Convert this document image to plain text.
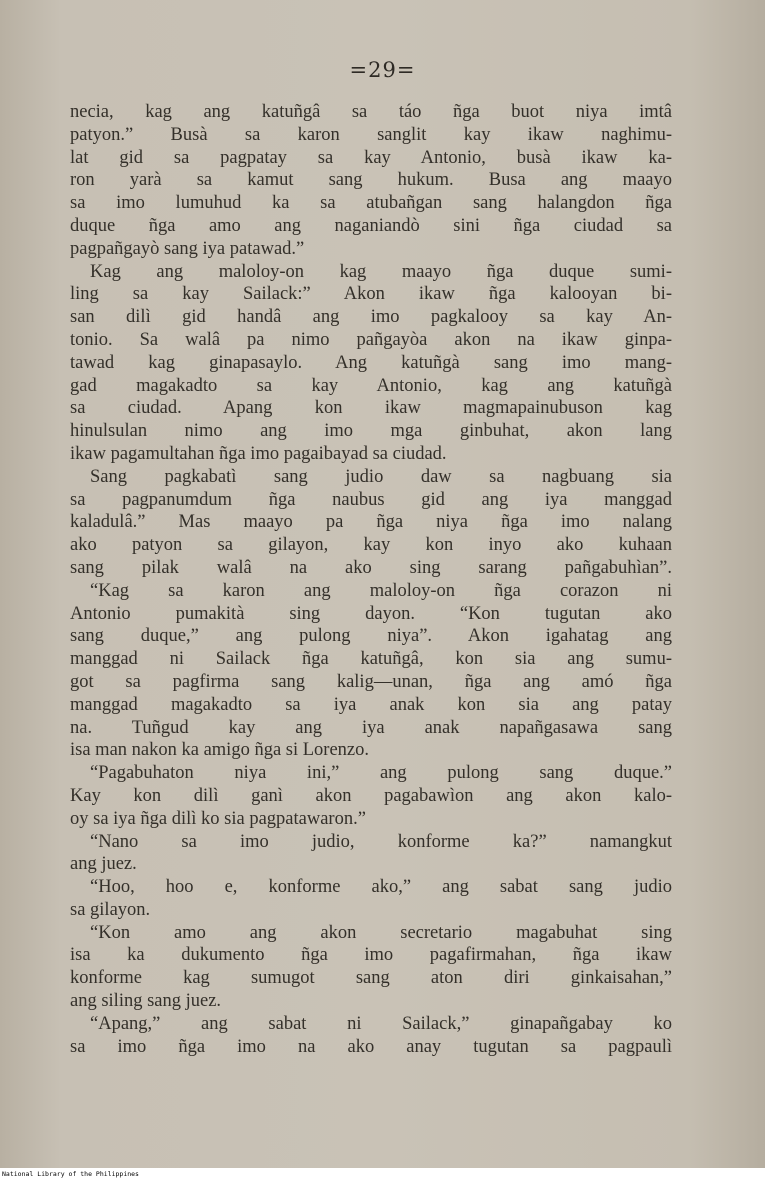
=29=
necia, kag ang katuñgâ sa táo ñga buot niya imtâ
patyon.” Busà sa karon sanglit kay ikaw naghimu-
lat gid sa pagpatay sa kay Antonio, busà ikaw ka-
ron yarà sa kamut sang hukum. Busa ang maayo
sa imo lumuhud ka sa atubañgan sang halangdon ñga
duque ñga amo ang naganiandò sini ñga ciudad sa
pagpañgayò sang iya patawad.”
Kag ang maloloy-on kag maayo ñga duque sumi-
ling sa kay Sailack:” Akon ikaw ñga kalooyan bi-
san dilì gid handâ ang imo pagkalooy sa kay An-
tonio. Sa walâ pa nimo pañgayòa akon na ikaw ginpa-
tawad kag ginapasaylo. Ang katuñgà sang imo mang-
gad magakadto sa kay Antonio, kag ang katuñgà
sa ciudad. Apang kon ikaw magmapainubuson kag
hinulsulan nimo ang imo mga ginbuhat, akon lang
ikaw pagamultahan ñga imo pagaibayad sa ciudad.
Sang pagkabatì sang judio daw sa nagbuang sia
sa pagpanumdum ñga naubus gid ang iya manggad
kaladulâ.” Mas maayo pa ñga niya ñga imo nalang
ako patyon sa gilayon, kay kon inyo ako kuhaan
sang pilak walâ na ako sing sarang pañgabuhìan”.
“Kag sa karon ang maloloy-on ñga corazon ni
Antonio pumakità sing dayon. “Kon tugutan ako
sang duque,” ang pulong niya”. Akon igahatag ang
manggad ni Sailack ñga katuñgâ, kon sia ang sumu-
got sa pagfirma sang kalig—unan, ñga ang amó ñga
manggad magakadto sa iya anak kon sia ang patay
na. Tuñgud kay ang iya anak napañgasawa sang
isa man nakon ka amigo ñga si Lorenzo.
“Pagabuhaton niya ini,” ang pulong sang duque.”
Kay kon dilì ganì akon pagabawìon ang akon kalo-
oy sa iya ñga dilì ko sia pagpatawaron.”
“Nano sa imo judio, konforme ka?” namangkut
ang juez.
“Hoo, hoo e, konforme ako,” ang sabat sang judio
sa gilayon.
“Kon amo ang akon secretario magabuhat sing
isa ka dukumento ñga imo pagafirmahan, ñga ikaw
konforme kag sumugot sang aton diri ginkaisahan,”
ang siling sang juez.
“Apang,” ang sabat ni Sailack,” ginapañgabay ko
sa imo ñga imo na ako anay tugutan sa pagpaulì
National Library of the Philippines
